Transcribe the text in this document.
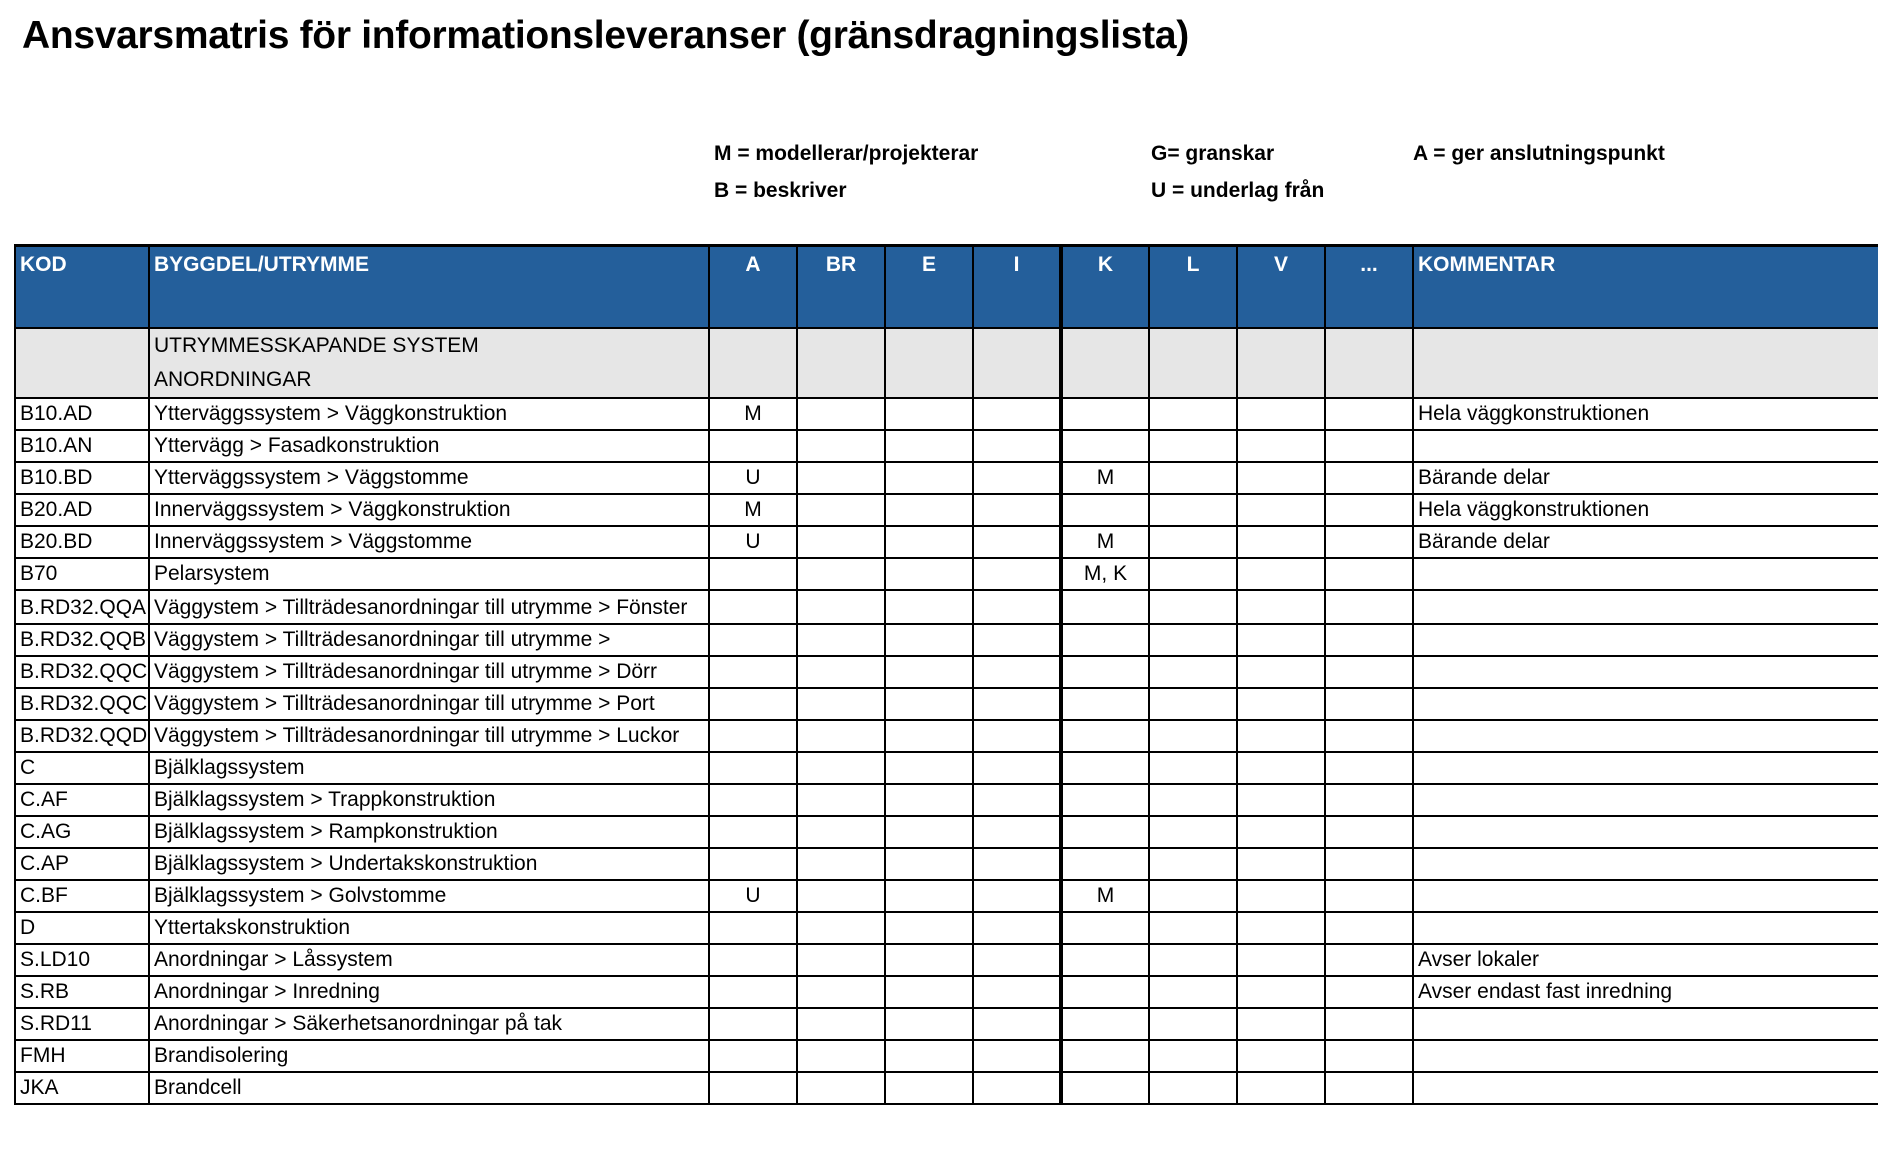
Ansvarsmatris för informationsleveranser (gränsdragningslista)
M = modellerar/projekterar
B = beskriver
G= granskar
U = underlag från
A = ger anslutningspunkt
KOD	BYGGDEL/UTRYMME	A	BR	E	I	K	L	V	...	KOMMENTAR

	UTRYMMESSKAPANDE SYSTEM
ANORDNINGAR									

B10.AD	Ytterväggssystem > Väggkonstruktion	M								Hela väggkonstruktionen
B10.AN	Yttervägg > Fasadkonstruktion									
B10.BD	Ytterväggssystem > Väggstomme	U				M				Bärande delar
B20.AD	Innerväggssystem > Väggkonstruktion	M								Hela väggkonstruktionen
B20.BD	Innerväggssystem > Väggstomme	U				M				Bärande delar
B70	Pelarsystem					M, K				
B.RD32.QQA	Väggystem > Tillträdesanordningar till utrymme > Fönster									
B.RD32.QQB	Väggystem > Tillträdesanordningar till utrymme >									
B.RD32.QQC	Väggystem > Tillträdesanordningar till utrymme > Dörr									
B.RD32.QQC	Väggystem > Tillträdesanordningar till utrymme > Port									
B.RD32.QQD	Väggystem > Tillträdesanordningar till utrymme > Luckor									
C	Bjälklagssystem									
C.AF	Bjälklagssystem > Trappkonstruktion									
C.AG	Bjälklagssystem > Rampkonstruktion									
C.AP	Bjälklagssystem > Undertakskonstruktion									
C.BF	Bjälklagssystem > Golvstomme	U				M				
D	Yttertakskonstruktion									
S.LD10	Anordningar > Låssystem									Avser lokaler
S.RB	Anordningar > Inredning									Avser endast fast inredning
S.RD11	Anordningar > Säkerhetsanordningar på tak									
FMH	Brandisolering									
JKA	Brandcell									
